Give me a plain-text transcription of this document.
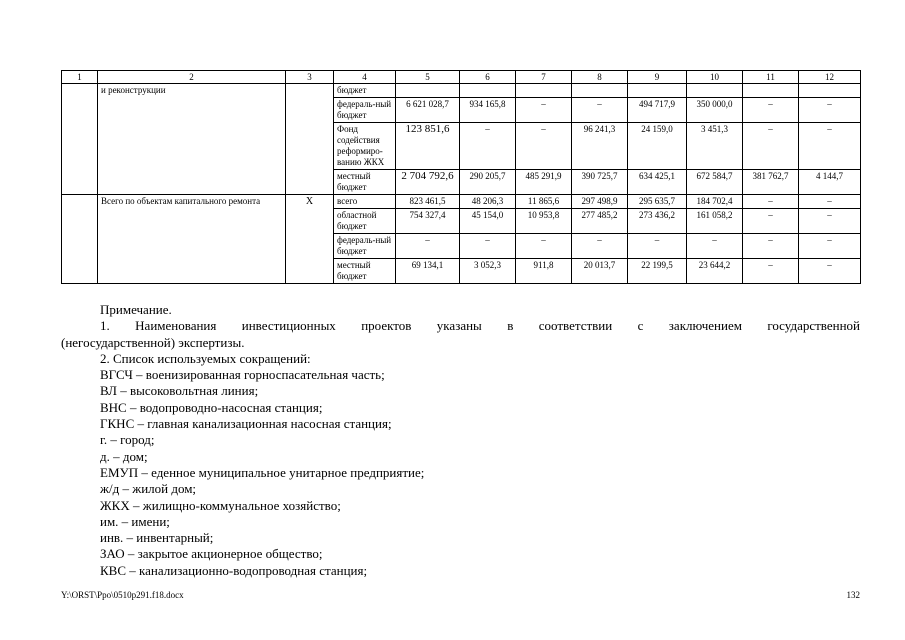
1	2	3	4	5	6	7	8	9	10	11	12
	и реконструкции		бюджет								
			федераль-ный бюджет	6 621 028,7	934 165,8	–	–	494 717,9	350 000,0	–	–
			Фонд содействия реформиро-ванию ЖКХ	123 851,6	–	–	96 241,3	24 159,0	3 451,3	–	–
			местный бюджет	2 704 792,6	290 205,7	485 291,9	390 725,7	634 425,1	672 584,7	381 762,7	4 144,7
	Всего по объектам капитального ремонта	Х	всего	823 461,5	48 206,3	11 865,6	297 498,9	295 635,7	184 702,4	–	–
			областной бюджет	754 327,4	45 154,0	10 953,8	277 485,2	273 436,2	161 058,2	–	–
			федераль-ный бюджет	–	–	–	–	–	–	–	–
			местный бюджет	69 134,1	3 052,3	911,8	20 013,7	22 199,5	23 644,2	–	–

Примечание.

1. Наименования инвестиционных проектов указаны в соответствии с заключением государственной

(негосударственной) экспертизы.

2. Список используемых сокращений:

ВГСЧ – военизированная горноспасательная часть;

ВЛ – высоковольтная линия;

ВНС – водопроводно-насосная станция;

ГКНС – главная канализационная насосная станция;

г. – город;

д. – дом;

ЕМУП – еденное муниципальное унитарное предприятие;

ж/д – жилой дом;

ЖКХ – жилищно-коммунальное хозяйство;

им. – имени;

инв. – инвентарный;

ЗАО – закрытое акционерное общество;

КВС – канализационно-водопроводная станция;

Y:\ORST\Ppo\0510p291.f18.docx	132
